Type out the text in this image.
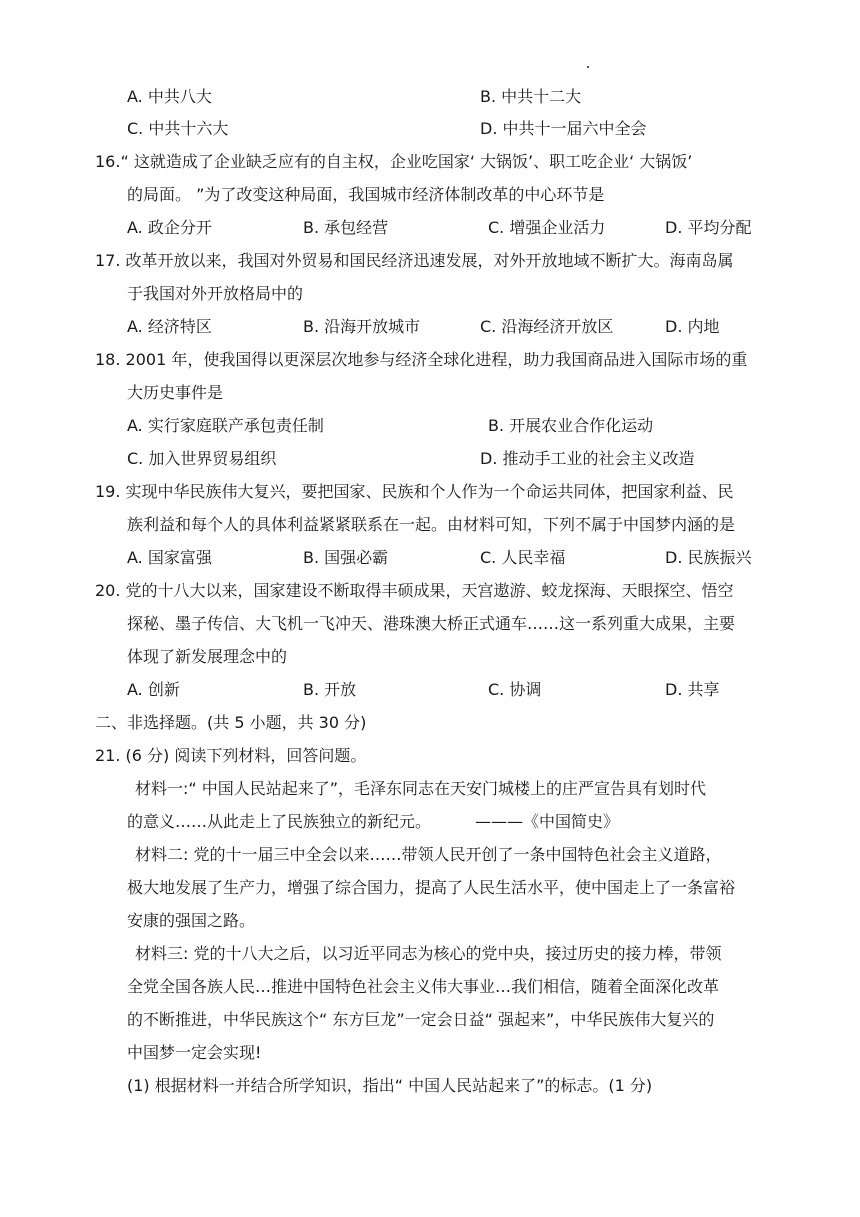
A. 中共八大	B. 中共十二大
C. 中共十六大	D. 中共十一届六中全会
16.“ 这就造成了企业缺乏应有的自主权，企业吃国家‘ 大锅饭’、职工吃企业‘ 大锅饭’
的局面。 ”为了改变这种局面，我国城市经济体制改革的中心环节是
A. 政企分开	B. 承包经营	C. 增强企业活力	D. 平均分配
17. 改革开放以来，我国对外贸易和国民经济迅速发展，对外开放地域不断扩大。海南岛属
于我国对外开放格局中的
A. 经济特区	B. 沿海开放城市	C. 沿海经济开放区	D. 内地
18. 2001 年，使我国得以更深层次地参与经济全球化进程，助力我国商品进入国际市场的重
大历史事件是
A. 实行家庭联产承包责任制	B. 开展农业合作化运动
C. 加入世界贸易组织	D. 推动手工业的社会主义改造
19. 实现中华民族伟大复兴，要把国家、民族和个人作为一个命运共同体，把国家利益、民
族利益和每个人的具体利益紧紧联系在一起。由材料可知，下列不属于中国梦内涵的是
A. 国家富强	B. 国强必霸	C. 人民幸福	D. 民族振兴
20. 党的十八大以来，国家建设不断取得丰硕成果，天宫遨游、蛟龙探海、天眼探空、悟空
探秘、墨子传信、大飞机一飞冲天、港珠澳大桥正式通车……这一系列重大成果，主要
体现了新发展理念中的
A. 创新	B. 开放	C. 协调	D. 共享
二、非选择题。(共 5 小题，共 30 分)
21. (6 分) 阅读下列材料，回答问题。
材料一:“ 中国人民站起来了”，毛泽东同志在天安门城楼上的庄严宣告具有划时代
的意义……从此走上了民族独立的新纪元。	———《中国简史》
材料二: 党的十一届三中全会以来……带领人民开创了一条中国特色社会主义道路，
极大地发展了生产力，增强了综合国力，提高了人民生活水平，使中国走上了一条富裕
安康的强国之路。
材料三: 党的十八大之后，以习近平同志为核心的党中央，接过历史的接力棒，带领
全党全国各族人民…推进中国特色社会主义伟大事业…我们相信，随着全面深化改革
的不断推进，中华民族这个“ 东方巨龙”一定会日益“ 强起来”，中华民族伟大复兴的
中国梦一定会实现!
(1) 根据材料一并结合所学知识，指出“ 中国人民站起来了”的标志。(1 分)
